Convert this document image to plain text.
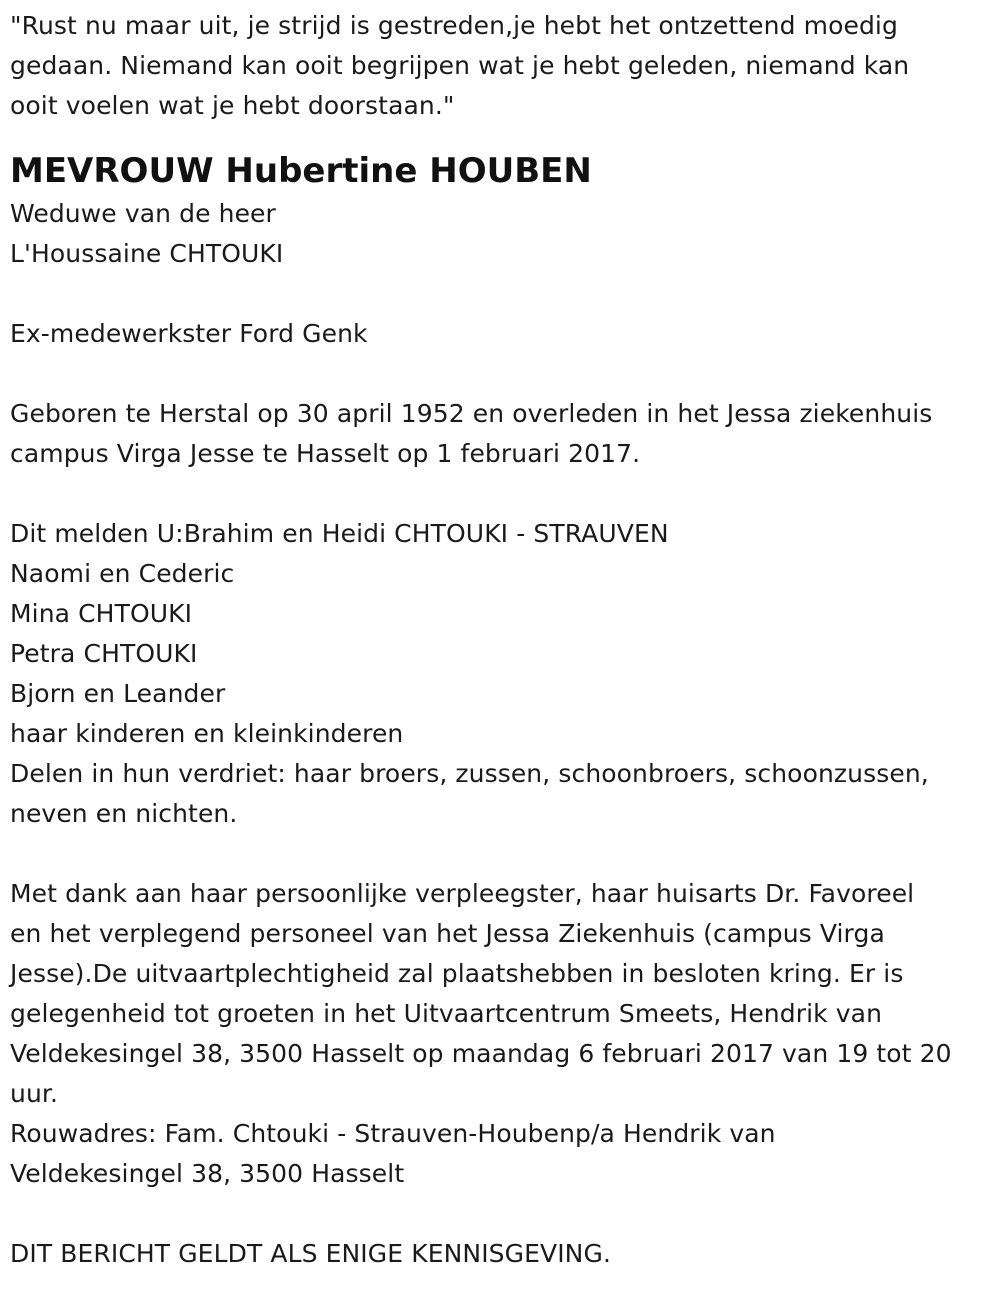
"Rust nu maar uit, je strijd is gestreden,je hebt het ontzettend moedig
gedaan. Niemand kan ooit begrijpen wat je hebt geleden, niemand kan
ooit voelen wat je hebt doorstaan."
MEVROUW Hubertine HOUBEN
Weduwe van de heer
L'Houssaine CHTOUKI
Ex-medewerkster Ford Genk
Geboren te Herstal op 30 april 1952 en overleden in het Jessa ziekenhuis
campus Virga Jesse te Hasselt op 1 februari 2017.
Dit melden U:Brahim en Heidi CHTOUKI - STRAUVEN
Naomi en Cederic
Mina CHTOUKI
Petra CHTOUKI
Bjorn en Leander
haar kinderen en kleinkinderen
Delen in hun verdriet: haar broers, zussen, schoonbroers, schoonzussen,
neven en nichten.
Met dank aan haar persoonlijke verpleegster, haar huisarts Dr. Favoreel
en het verplegend personeel van het Jessa Ziekenhuis (campus Virga
Jesse).De uitvaartplechtigheid zal plaatshebben in besloten kring. Er is
gelegenheid tot groeten in het Uitvaartcentrum Smeets, Hendrik van
Veldekesingel 38, 3500 Hasselt op maandag 6 februari 2017 van 19 tot 20
uur.
Rouwadres: Fam. Chtouki - Strauven-Houbenp/a Hendrik van
Veldekesingel 38, 3500 Hasselt
DIT BERICHT GELDT ALS ENIGE KENNISGEVING.
